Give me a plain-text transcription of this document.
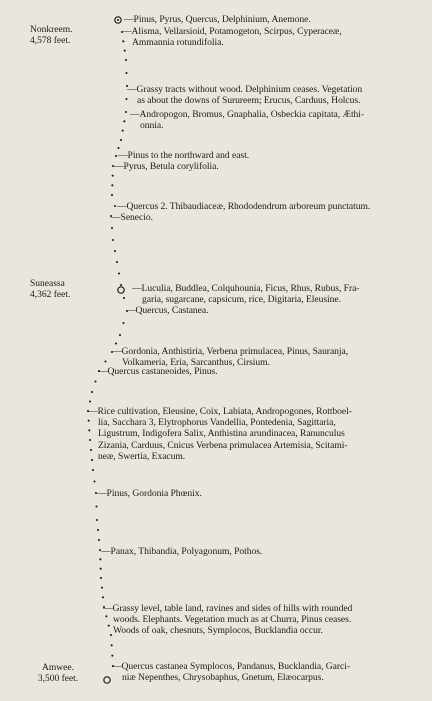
Nonkreem.
4,578 feet.
Suneassa
4,362 feet.
Amwee.
3,500 feet.
—Pinus, Pyrus, Quercus, Delphinium, Anemone.
—Alisma, Vellarsioid, Potamogeton, Scirpus, Cyperaceæ,
Ammannia rotundifolia.
—Grassy tracts without wood. Delphinium ceases. Vegetation
as about the downs of Surureem; Erucus, Carduus, Holcus.
—Andropogon, Bromus, Gnaphalia, Osbeckia capitata, Æthi-
onnia.
—Pinus to the northward and east.
—Pyrus, Betula corylifolia.
—Quercus 2. Thibaudiaceæ, Rhododendrum arboreum punctatum.
—Senecio.
—Luculia, Buddlea, Colquhounia, Ficus, Rhus, Rubus, Fra-
garia, sugarcane, capsicum, rice, Digitaria, Eleusine.
—Quercus, Castanea.
—Gordonia, Anthistiria, Verbena primulacea, Pinus, Sauranja,
Volkameria, Eria, Sarcanthus, Cirsium.
—Quercus castaneoides, Pinus.
—Rice cultivation, Eleusine, Coix, Labiata, Andropogones, Rottboel-
lia, Sacchara 3, Elytrophorus Vandellia, Pontedenia, Sagittaria,
Ligustrum, Indigofera Salix, Anthistina arundinacea, Ranunculus
Zizania, Carduus, Cnicus Verbena primulacea Artemisia, Scitami-
neæ, Swertia, Exacum.
—Pinus, Gordonia Phœnix.
—Panax, Thibandia, Polyagonum, Pothos.
—Grassy level, table land, ravines and sides of hills with rounded
woods. Elephants. Vegetation much as at Churra, Pinus ceases.
Woods of oak, chesnuts, Symplocos, Bucklandia occur.
—Quercus castanea Symplocos, Pandanus, Bucklandia, Garci-
niæ Nepenthes, Chrysobaphus, Gnetum, Elæocarpus.
